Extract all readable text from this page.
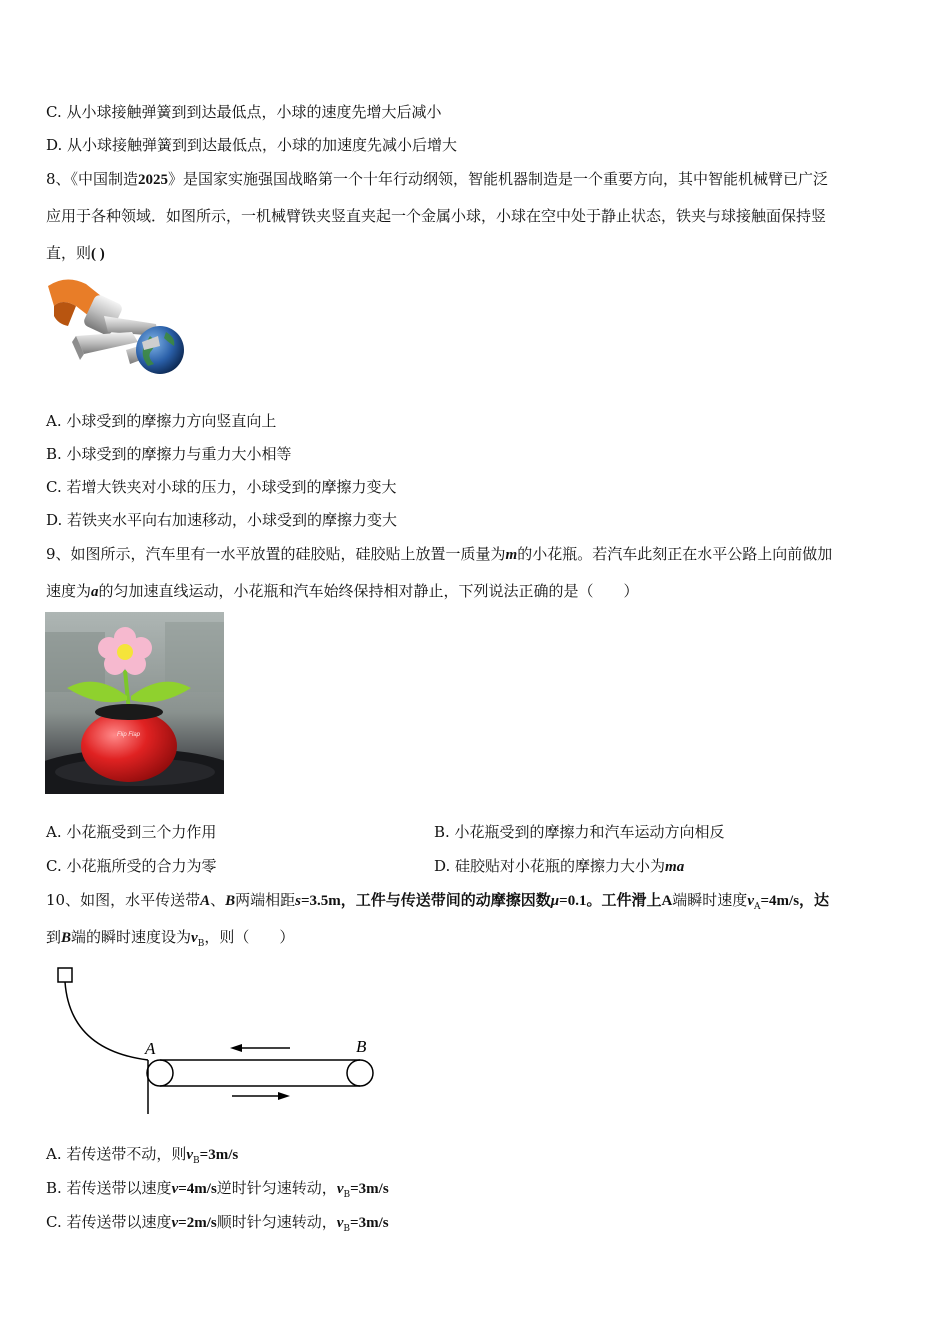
C. 从小球接触弹簧到到达最低点，小球的速度先增大后减小
D. 从小球接触弹簧到到达最低点，小球的加速度先减小后增大
8、《中国制造2025》是国家实施强国战略第一个十年行动纲领，智能机器制造是一个重要方向，其中智能机械臂已广泛
应用于各种领域．如图所示，一机械臂铁夹竖直夹起一个金属小球，小球在空中处于静止状态，铁夹与球接触面保持竖
直，则( )
A. 小球受到的摩擦力方向竖直向上
B. 小球受到的摩擦力与重力大小相等
C. 若增大铁夹对小球的压力，小球受到的摩擦力变大
D. 若铁夹水平向右加速移动，小球受到的摩擦力变大
9、如图所示，汽车里有一水平放置的硅胶贴，硅胶贴上放置一质量为m的小花瓶。若汽车此刻正在水平公路上向前做加
速度为a的匀加速直线运动，小花瓶和汽车始终保持相对静止，下列说法正确的是（　　）
Flip Flap
A. 小花瓶受到三个力作用	B. 小花瓶受到的摩擦力和汽车运动方向相反
C. 小花瓶所受的合力为零	D. 硅胶贴对小花瓶的摩擦力大小为ma
10、如图，水平传送带A、B两端相距s=3.5m，工件与传送带间的动摩擦因数μ=0.1。工件滑上A端瞬时速度$v_A=4m/s$，达
到B端的瞬时速度设为$v_B$，则（　　）
A	B
A. 若传送带不动，则$v_B=3m/s$
B. 若传送带以速度v=4m/s逆时针匀速转动，$v_B=3m/s$
C. 若传送带以速度v=2m/s顺时针匀速转动，$v_B=3m/s$
